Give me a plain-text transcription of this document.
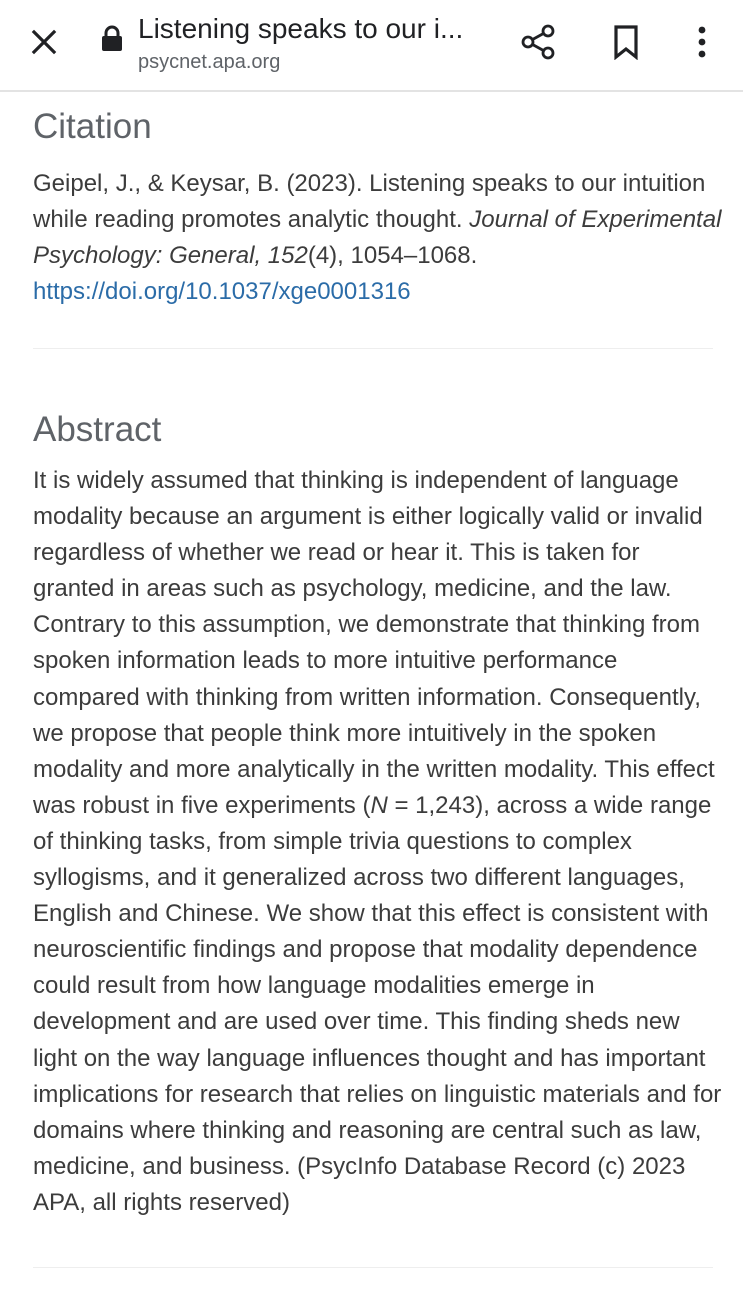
Listening speaks to our i...
psycnet.apa.org
Citation

Geipel, J., & Keysar, B. (2023). Listening speaks to our intuition while reading promotes analytic thought. Journal of Experimental Psychology: General, 152(4), 1054–1068. https://doi.org/10.1037/xge0001316

Abstract

It is widely assumed that thinking is independent of language modality because an argument is either logically valid or invalid regardless of whether we read or hear it. This is taken for granted in areas such as psychology, medicine, and the law. Contrary to this assumption, we demonstrate that thinking from spoken information leads to more intuitive performance compared with thinking from written information. Consequently, we propose that people think more intuitively in the spoken modality and more analytically in the written modality. This effect was robust in five experiments (N = 1,243), across a wide range of thinking tasks, from simple trivia questions to complex syllogisms, and it generalized across two different languages, English and Chinese. We show that this effect is consistent with neuroscientific findings and propose that modality dependence could result from how language modalities emerge in development and are used over time. This finding sheds new light on the way language influences thought and has important implications for research that relies on linguistic materials and for domains where thinking and reasoning are central such as law, medicine, and business. (PsycInfo Database Record (c) 2023 APA, all rights reserved)
